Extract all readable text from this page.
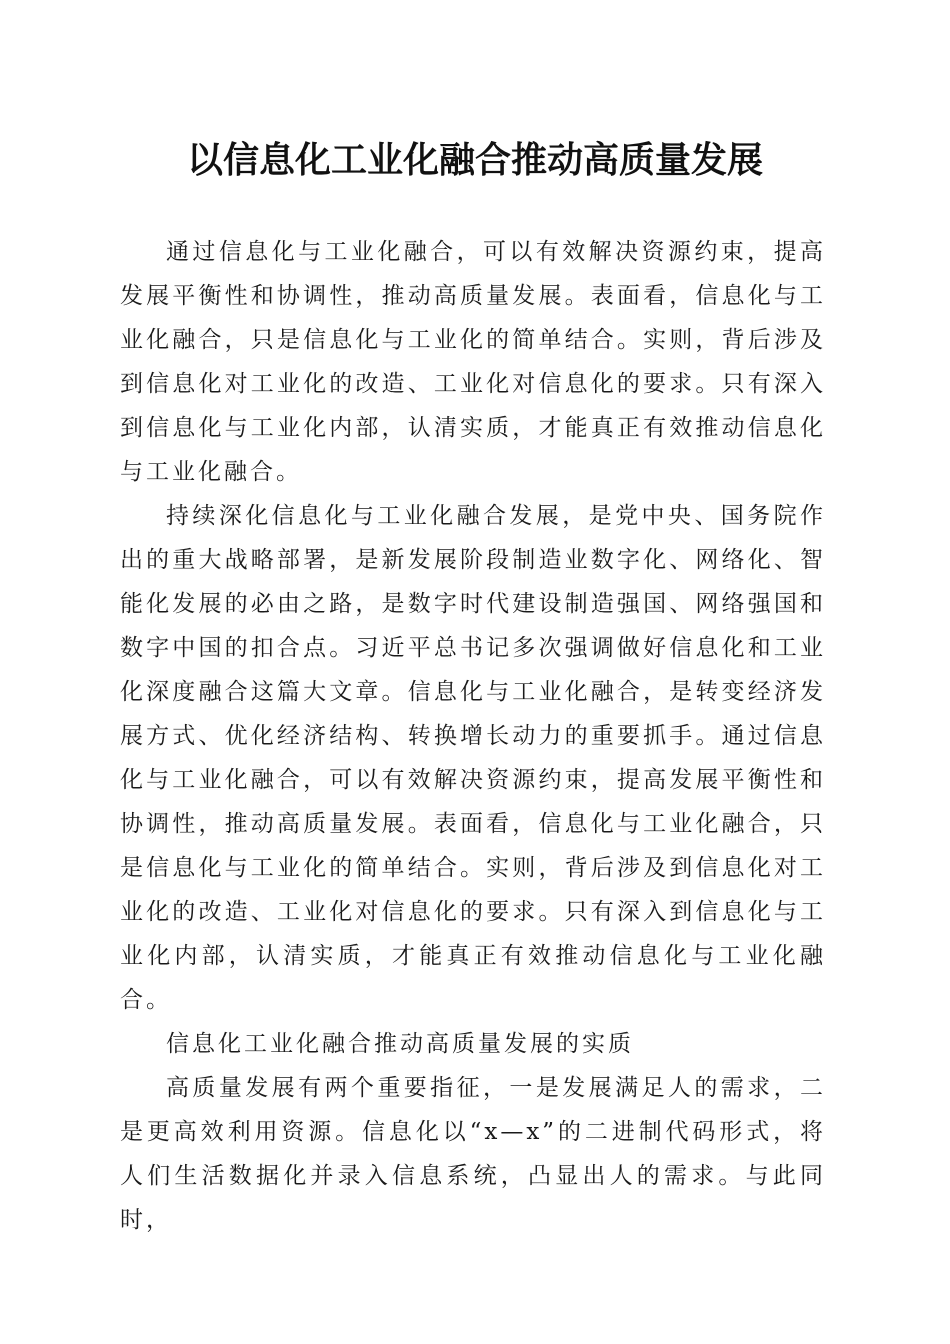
以信息化工业化融合推动高质量发展

通过信息化与工业化融合，可以有效解决资源约束，提高发展平衡性和协调性，推动高质量发展。表面看，信息化与工业化融合，只是信息化与工业化的简单结合。实则，背后涉及到信息化对工业化的改造、工业化对信息化的要求。只有深入到信息化与工业化内部，认清实质，才能真正有效推动信息化与工业化融合。

持续深化信息化与工业化融合发展，是党中央、国务院作出的重大战略部署，是新发展阶段制造业数字化、网络化、智能化发展的必由之路，是数字时代建设制造强国、网络强国和数字中国的扣合点。习近平总书记多次强调做好信息化和工业化深度融合这篇大文章。信息化与工业化融合，是转变经济发展方式、优化经济结构、转换增长动力的重要抓手。通过信息化与工业化融合，可以有效解决资源约束，提高发展平衡性和协调性，推动高质量发展。表面看，信息化与工业化融合，只是信息化与工业化的简单结合。实则，背后涉及到信息化对工业化的改造、工业化对信息化的要求。只有深入到信息化与工业化内部，认清实质，才能真正有效推动信息化与工业化融合。

信息化工业化融合推动高质量发展的实质

高质量发展有两个重要指征，一是发展满足人的需求，二是更高效利用资源。信息化以“x—x”的二进制代码形式，将人们生活数据化并录入信息系统，凸显出人的需求。与此同时，
